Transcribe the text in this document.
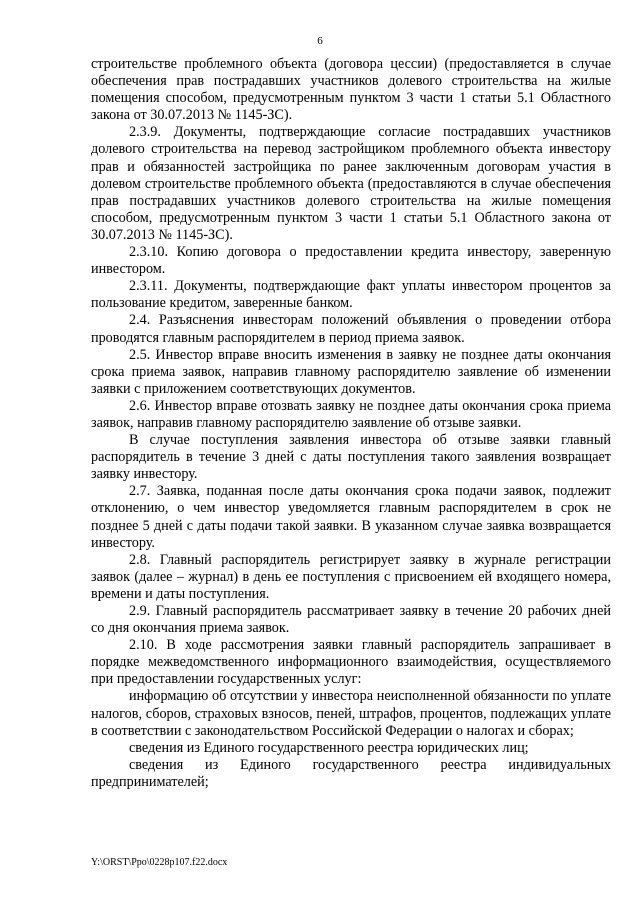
6

строительстве проблемного объекта (договора цессии) (предоставляется в случае обеспечения прав пострадавших участников долевого строительства на жилые помещения способом, предусмотренным пунктом 3 части 1 статьи 5.1 Областного закона от 30.07.2013 № 1145-ЗС).

2.3.9. Документы, подтверждающие согласие пострадавших участников долевого строительства на перевод застройщиком проблемного объекта инвестору прав и обязанностей застройщика по ранее заключенным договорам участия в долевом строительстве проблемного объекта (предоставляются в случае обеспечения прав пострадавших участников долевого строительства на жилые помещения способом, предусмотренным пунктом 3 части 1 статьи 5.1 Областного закона от 30.07.2013 № 1145-ЗС).

2.3.10. Копию договора о предоставлении кредита инвестору, заверенную инвестором.

2.3.11. Документы, подтверждающие факт уплаты инвестором процентов за пользование кредитом, заверенные банком.

2.4. Разъяснения инвесторам положений объявления о проведении отбора проводятся главным распорядителем в период приема заявок.

2.5. Инвестор вправе вносить изменения в заявку не позднее даты окончания срока приема заявок, направив главному распорядителю заявление об изменении заявки с приложением соответствующих документов.

2.6. Инвестор вправе отозвать заявку не позднее даты окончания срока приема заявок, направив главному распорядителю заявление об отзыве заявки.

В случае поступления заявления инвестора об отзыве заявки главный распорядитель в течение 3 дней с даты поступления такого заявления возвращает заявку инвестору.

2.7. Заявка, поданная после даты окончания срока подачи заявок, подлежит отклонению, о чем инвестор уведомляется главным распорядителем в срок не позднее 5 дней с даты подачи такой заявки. В указанном случае заявка возвращается инвестору.

2.8. Главный распорядитель регистрирует заявку в журнале регистрации заявок (далее – журнал) в день ее поступления с присвоением ей входящего номера, времени и даты поступления.

2.9. Главный распорядитель рассматривает заявку в течение 20 рабочих дней со дня окончания приема заявок.

2.10. В ходе рассмотрения заявки главный распорядитель запрашивает в порядке межведомственного информационного взаимодействия, осуществляемого при предоставлении государственных услуг:

информацию об отсутствии у инвестора неисполненной обязанности по уплате налогов, сборов, страховых взносов, пеней, штрафов, процентов, подлежащих уплате в соответствии с законодательством Российской Федерации о налогах и сборах;

сведения из Единого государственного реестра юридических лиц;

сведения из Единого государственного реестра индивидуальных предпринимателей;

Y:\ORST\Ppo\0228p107.f22.docx
